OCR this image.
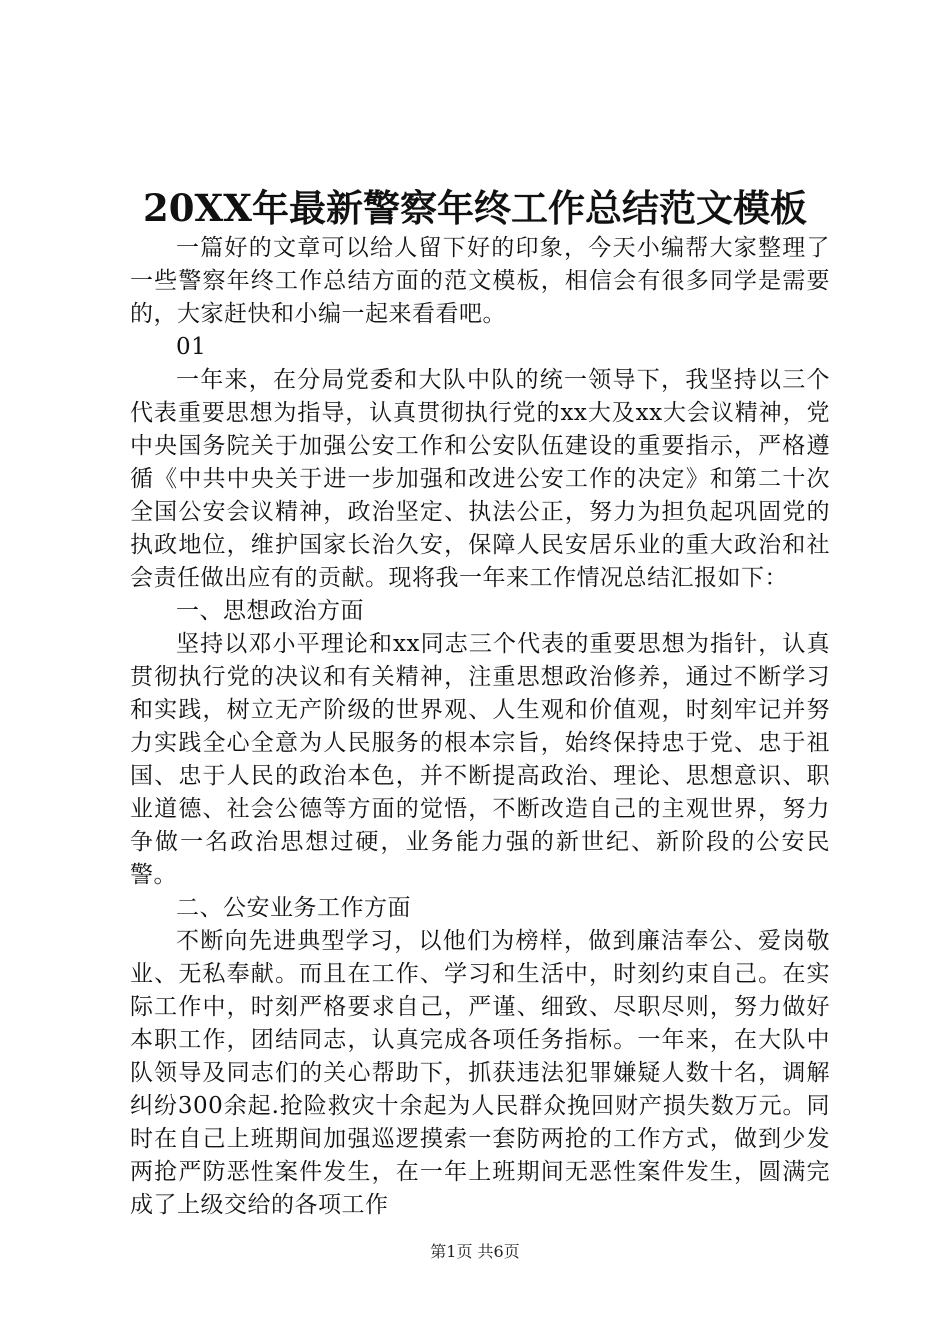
20XX年最新警察年终工作总结范文模板

一篇好的文章可以给人留下好的印象，今天小编帮大家整理了一些警察年终工作总结方面的范文模板，相信会有很多同学是需要的，大家赶快和小编一起来看看吧。

01

一年来，在分局党委和大队中队的统一领导下，我坚持以三个代表重要思想为指导，认真贯彻执行党的xx大及xx大会议精神，党中央国务院关于加强公安工作和公安队伍建设的重要指示，严格遵循《中共中央关于进一步加强和改进公安工作的决定》和第二十次全国公安会议精神，政治坚定、执法公正，努力为担负起巩固党的执政地位，维护国家长治久安，保障人民安居乐业的重大政治和社会责任做出应有的贡献。现将我一年来工作情况总结汇报如下：

一、思想政治方面

坚持以邓小平理论和xx同志三个代表的重要思想为指针，认真贯彻执行党的决议和有关精神，注重思想政治修养，通过不断学习和实践，树立无产阶级的世界观、人生观和价值观，时刻牢记并努力实践全心全意为人民服务的根本宗旨，始终保持忠于党、忠于祖国、忠于人民的政治本色，并不断提高政治、理论、思想意识、职业道德、社会公德等方面的觉悟，不断改造自己的主观世界，努力争做一名政治思想过硬，业务能力强的新世纪、新阶段的公安民警。

二、公安业务工作方面

不断向先进典型学习，以他们为榜样，做到廉洁奉公、爱岗敬业、无私奉献。而且在工作、学习和生活中，时刻约束自己。在实际工作中，时刻严格要求自己，严谨、细致、尽职尽则，努力做好本职工作，团结同志，认真完成各项任务指标。一年来，在大队中队领导及同志们的关心帮助下，抓获违法犯罪嫌疑人数十名，调解纠纷300余起.抢险救灾十余起为人民群众挽回财产损失数万元。同时在自己上班期间加强巡逻摸索一套防两抢的工作方式，做到少发两抢严防恶性案件发生，在一年上班期间无恶性案件发生，圆满完成了上级交给的各项工作

第1页 共6页
